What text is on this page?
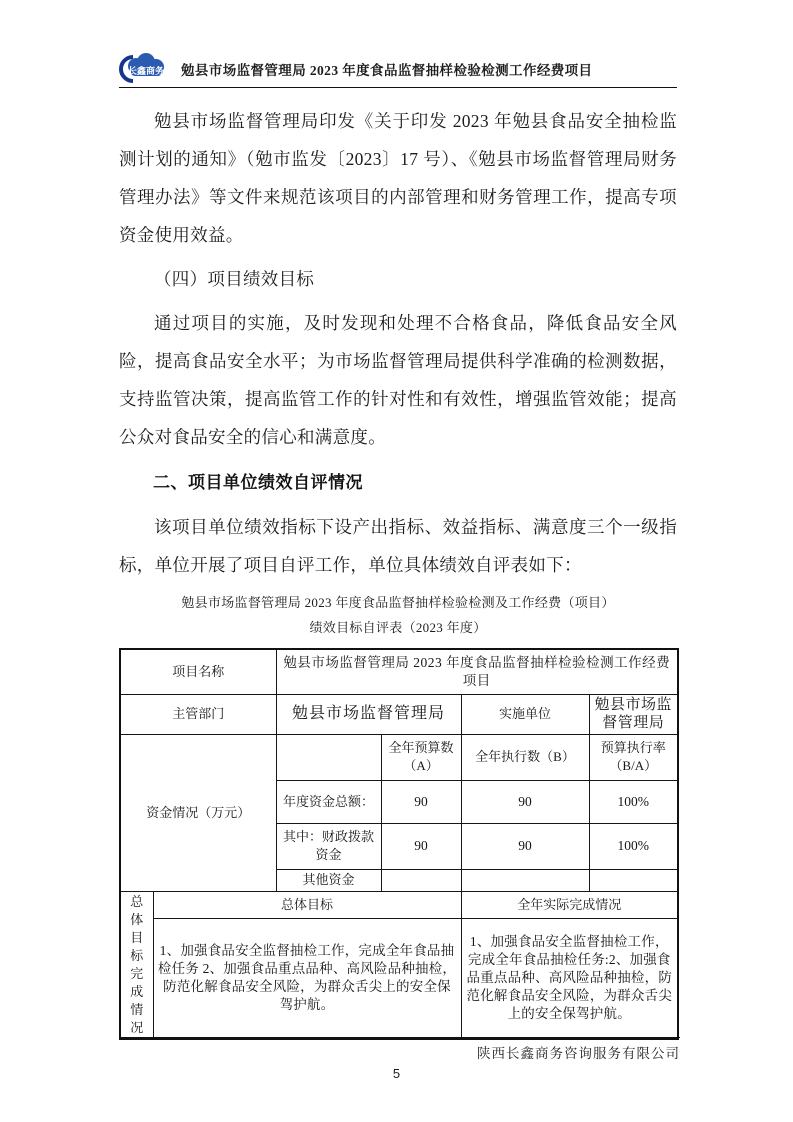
长鑫商务 勉县市场监督管理局 2023 年度食品监督抽样检验检测工作经费项目

勉县市场监督管理局印发《关于印发 2023 年勉县食品安全抽检监测计划的通知》（勉市监发〔2023〕17 号）、《勉县市场监督管理局财务管理办法》等文件来规范该项目的内部管理和财务管理工作，提高专项资金使用效益。

（四）项目绩效目标

通过项目的实施，及时发现和处理不合格食品，降低食品安全风险，提高食品安全水平；为市场监督管理局提供科学准确的检测数据，支持监管决策，提高监管工作的针对性和有效性，增强监管效能；提高公众对食品安全的信心和满意度。

二、项目单位绩效自评情况

该项目单位绩效指标下设产出指标、效益指标、满意度三个一级指标，单位开展了项目自评工作，单位具体绩效自评表如下：

勉县市场监督管理局 2023 年度食品监督抽样检验检测及工作经费（项目）
绩效目标自评表（2023 年度）
项目名称		勉县市场监督管理局 2023 年度食品监督抽样检验检测工作经费项目			
主管部门		勉县市场监督管理局		实施单位	勉县市场监督管理局
资金情况（万元）			全年预算数（A）	全年执行数（B）	预算执行率（B/A）
		年度资金总额：	90	90	100%
		其中：财政拨款资金	90	90	100%
		其他资金			
总体目标完成情况	总体目标			全年实际完成情况	
	1、加强食品安全监督抽检工作，完成全年食品抽检任务 2、加强食品重点品种、高风险品种抽检，防范化解食品安全风险，为群众舌尖上的安全保驾护航。			1、加强食品安全监督抽检工作，完成全年食品抽检任务:2、加强食品重点品种、高风险品种抽检，防范化解食品安全风险，为群众舌尖上的安全保驾护航。	
陕西长鑫商务咨询服务有限公司
5
